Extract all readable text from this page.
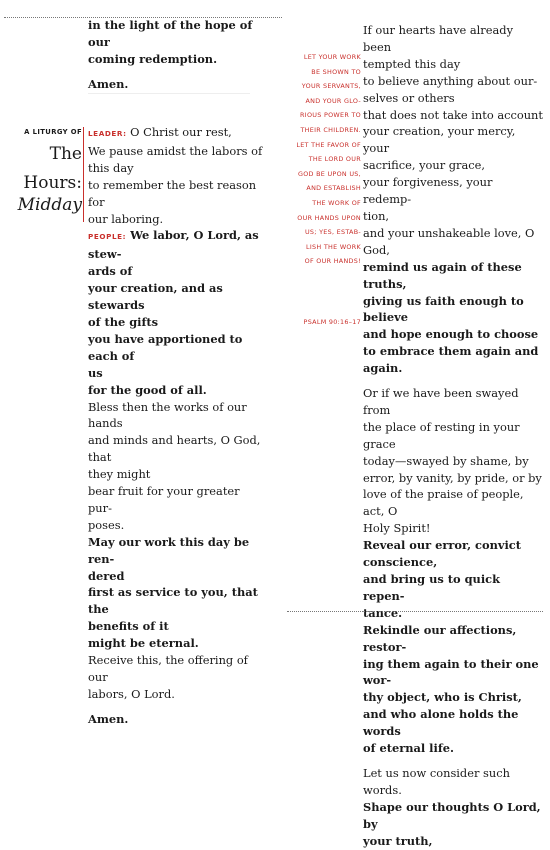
in the light of the hope of our

coming redemption.

Amen.

A LITURGY OF
The
Hours:
Midday

LEADER: O Christ our rest,

We pause amidst the labors of

this day

to remember the best reason for

our laboring.

PEOPLE: We labor, O Lord, as stew-

ards of

your creation, and as stewards

of the gifts

you have apportioned to each of

us

for the good of all.

Bless then the works of our hands

and minds and hearts, O God, that

they might

bear fruit for your greater pur-

poses.

May our work this day be ren-

dered

first as service to you, that the

benefits of it

might be eternal.

Receive this, the offering of our

labors, O Lord.

Amen.

LET YOUR WORK
BE SHOWN TO
YOUR SERVANTS,
AND YOUR GLO-
RIOUS POWER TO
THEIR CHILDREN.
LET THE FAVOR OF
THE LORD OUR
GOD BE UPON US,
AND ESTABLISH
THE WORK OF
OUR HANDS UPON
US; YES, ESTAB-
LISH THE WORK
OF OUR HANDS!
PSALM 90:16–17

If our hearts have already been

tempted this day

to believe anything about our-

selves or others

that does not take into account

your creation, your mercy, your

sacrifice, your grace,

your forgiveness, your redemp-

tion,

and your unshakeable love, O

God,

remind us again of these truths,

giving us faith enough to believe

and hope enough to choose

to embrace them again and

again.

Or if we have been swayed from

the place of resting in your grace

today—swayed by shame, by

error, by vanity, by pride, or by

love of the praise of people, act, O

Holy Spirit!

Reveal our error, convict

conscience,

and bring us to quick repen-

tance.

Rekindle our affections, restor-

ing them again to their one wor-

thy object, who is Christ,

and who alone holds the words

of eternal life.

Let us now consider such words.

Shape our thoughts O Lord, by

your truth,
